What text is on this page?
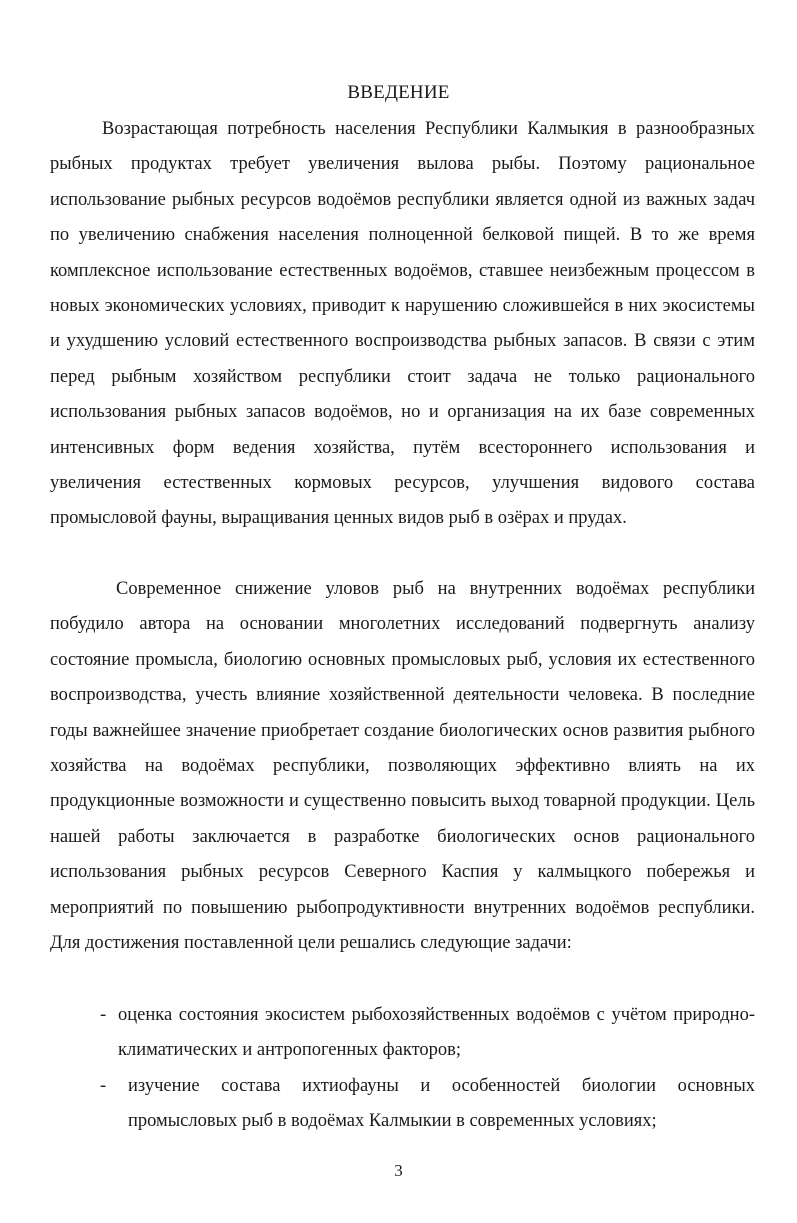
ВВЕДЕНИЕ

Возрастающая потребность населения Республики Калмыкия в разнообразных рыбных продуктах требует увеличения вылова рыбы. Поэтому рациональное использование рыбных ресурсов водоёмов республики является одной из важных задач по увеличению снабжения населения полноценной белковой пищей. В то же время комплексное использование естественных водоёмов, ставшее неизбежным процессом в новых экономических условиях, приводит к нарушению сложившейся в них экосистемы и ухудшению условий естественного воспроизводства рыбных запасов. В связи с этим перед рыбным хозяйством республики стоит задача не только рационального использования рыбных запасов водоёмов, но и организация на их базе современных интенсивных форм ведения хозяйства, путём всестороннего использования и увеличения естественных кормовых ресурсов, улучшения видового состава промысловой фауны, выращивания ценных видов рыб в озёрах и прудах.

Современное снижение уловов рыб на внутренних водоёмах республики побудило автора на основании многолетних исследований подвергнуть анализу состояние промысла, биологию основных промысловых рыб, условия их естественного воспроизводства, учесть влияние хозяйственной деятельности человека. В последние годы важнейшее значение приобретает создание биологических основ развития рыбного хозяйства на водоёмах республики, позволяющих эффективно влиять на их продукционные возможности и существенно повысить выход товарной продукции. Цель нашей работы заключается в разработке биологических основ рационального использования рыбных ресурсов Северного Каспия у калмыцкого побережья и мероприятий по повышению рыбопродуктивности внутренних водоёмов республики. Для достижения поставленной цели решались следующие задачи:

- оценка состояния экосистем рыбохозяйственных водоёмов с учётом природно-климатических и антропогенных факторов;
- изучение состава ихтиофауны и особенностей биологии основных промысловых рыб в водоёмах Калмыкии в современных условиях;
3
